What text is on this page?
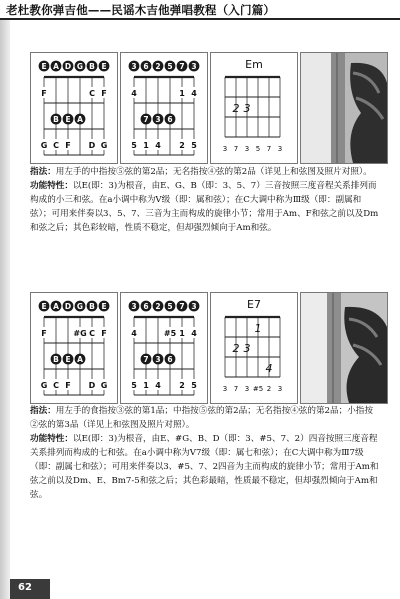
老杜教你弹吉他——民谣木吉他弹唱教程（入门篇）
E A D G B E
F	C F
B E A
G C F D G
3 6 2 5 7 3
4	1 4
7 3 6
5 1 4 2 5
Em
2 3
3 7 3 5 7 3

指法：用左手的中指按⑤弦的第2品；无名指按④弦的第2品（详见上和弦图及照片对照）。

功能特性：以E(即：3)为根音，由E、G、B（即：3、5、7）三音按照三度音程关系排列而构成的小三和弦。在a小调中称为Ⅴ级（即：属和弦）；在C大调中称为Ⅲ级（即：副属和弦）；可用来伴奏以3、5、7、三音为主而构成的旋律小节；常用于Am、F和弦之前以及Dm和弦之后；其色彩较暗，性质不稳定，但却强烈倾向于Am和弦。

E A D G B E
F	#G C F
B E A
G C F D G
3 6 2 5 7 3
4	#5 1 4
7 3 6
5 1 4 2 5
E7
1
2 3
4
3 7 3 #5 2 3

指法：用左手的食指按③弦的第1品；中指按⑤弦的第2品；无名指按④弦的第2品；小指按②弦的第3品（详见上和弦图及照片对照）。

功能特性：以E(即：3)为根音，由E、#G、B、D（即：3、#5、7、2）四音按照三度音程关系排列而构成的七和弦。在a小调中称为Ⅴ7级（即：属七和弦）；在C大调中称为Ⅲ7级（即：副属七和弦）；可用来伴奏以3、#5、7、2四音为主而构成的旋律小节；常用于Am和弦之前以及Dm、E、Bm7-5和弦之后；其色彩最暗，性质最不稳定，但却强烈倾向于Am和弦。

62
